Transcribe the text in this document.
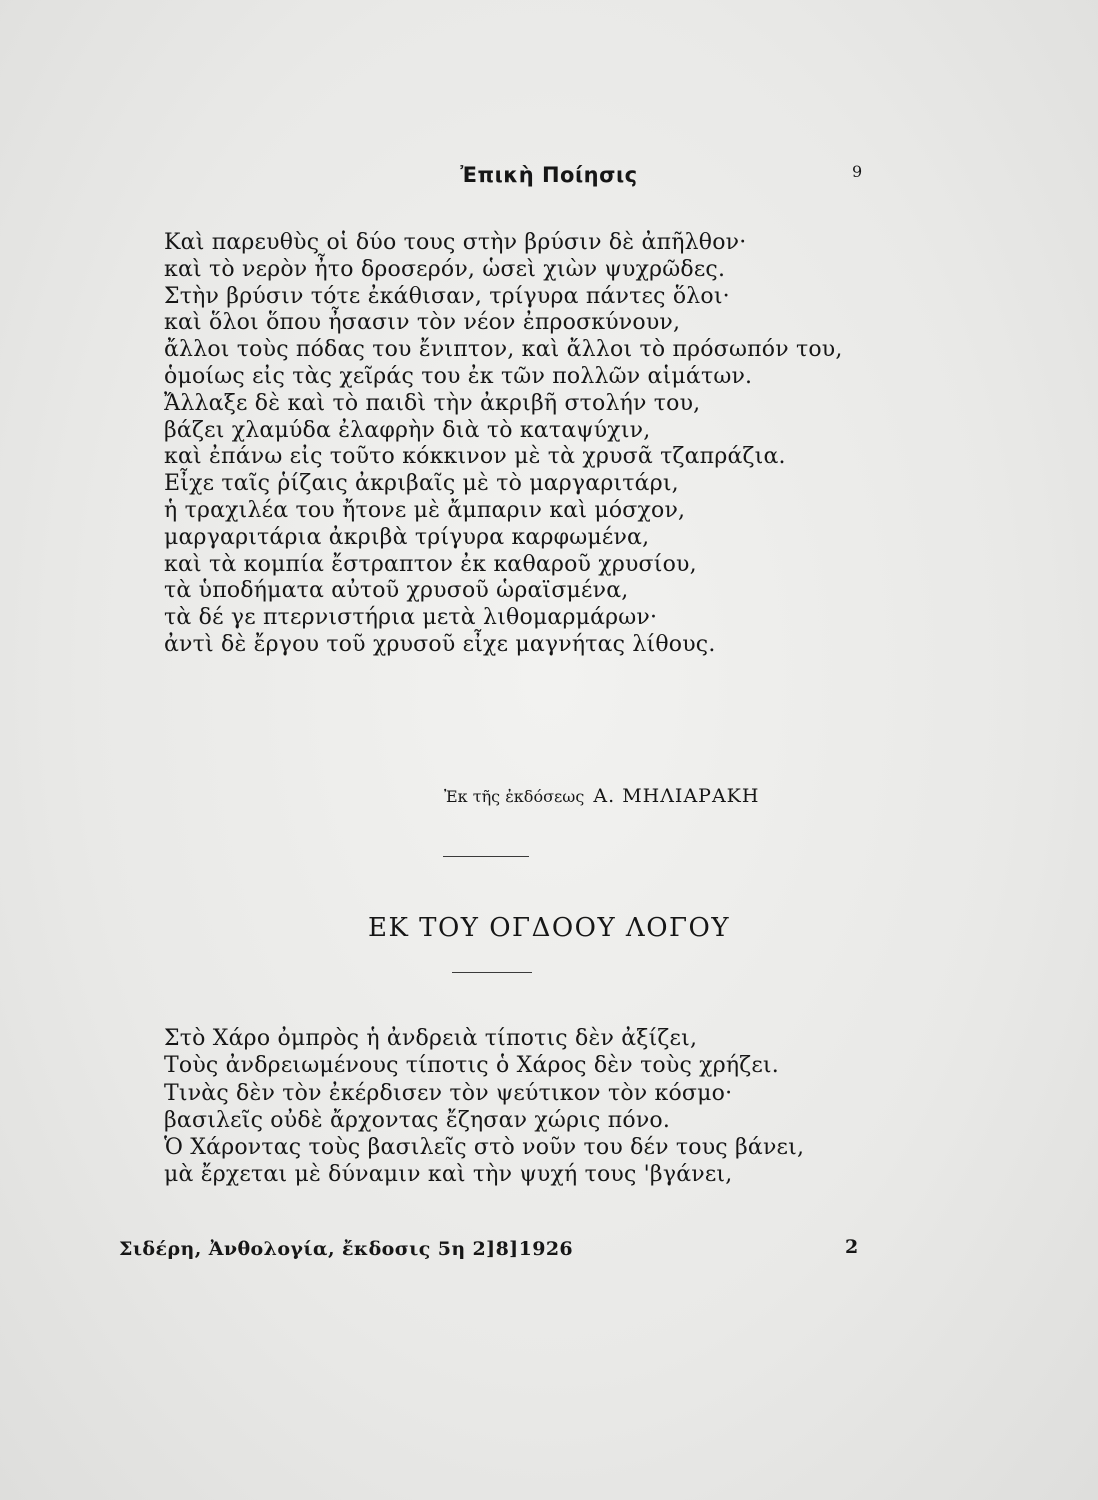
Ἐπικὴ Ποίησις	9
Καὶ παρευθὺς οἱ δύο τους στὴν βρύσιν δὲ ἀπῆλθον·
καὶ τὸ νερὸν ἦτο δροσερόν, ὡσεὶ χιὼν ψυχρῶδες.
Στὴν βρύσιν τότε ἐκάθισαν, τρίγυρα πάντες ὅλοι·
καὶ ὅλοι ὅπου ἦσασιν τὸν νέον ἐπροσκύνουν,
ἄλλοι τοὺς πόδας του ἔνιπτον, καὶ ἄλλοι τὸ πρόσωπόν του,
ὁμοίως εἰς τὰς χεῖράς του ἐκ τῶν πολλῶν αἱμάτων.
Ἄλλαξε δὲ καὶ τὸ παιδὶ τὴν ἀκριβῆ στολήν του,
βάζει χλαμύδα ἐλαφρὴν διὰ τὸ καταψύχιν,
καὶ ἐπάνω εἰς τοῦτο κόκκινον μὲ τὰ χρυσᾶ τζαπράζια.
Εἶχε ταῖς ῥίζαις ἀκριβαῖς μὲ τὸ μαργαριτάρι,
ἡ τραχιλέα του ἤτονε μὲ ἄμπαριν καὶ μόσχον,
μαργαριτάρια ἀκριβὰ τρίγυρα καρφωμένα,
καὶ τὰ κομπία ἔστραπτον ἐκ καθαροῦ χρυσίου,
τὰ ὑποδήματα αὐτοῦ χρυσοῦ ὡραϊσμένα,
τὰ δέ γε πτερνιστήρια μετὰ λιθομαρμάρων·
ἀντὶ δὲ ἔργου τοῦ χρυσοῦ εἶχε μαγνήτας λίθους.
Ἐκ τῆς ἐκδόσεως Α. ΜΗΛΙΑΡΑΚΗ
ΕΚ ΤΟΥ ΟΓΔΟΟΥ ΛΟΓΟΥ
Στὸ Χάρο ὀμπρὸς ἡ ἀνδρειὰ τίποτις δὲν ἀξίζει,
Τοὺς ἀνδρειωμένους τίποτις ὁ Χάρος δὲν τοὺς χρήζει.
Τινὰς δὲν τὸν ἐκέρδισεν τὸν ψεύτικον τὸν κόσμο·
βασιλεῖς οὐδὲ ἄρχοντας ἔζησαν χώρις πόνο.
Ὁ Χάροντας τοὺς βασιλεῖς στὸ νοῦν του δέν τους βάνει,
μὰ ἔρχεται μὲ δύναμιν καὶ τὴν ψυχή τους 'βγάνει,
Σιδέρη, Ἀνθολογία, ἔκδοσις 5η 2]8]1926	2
